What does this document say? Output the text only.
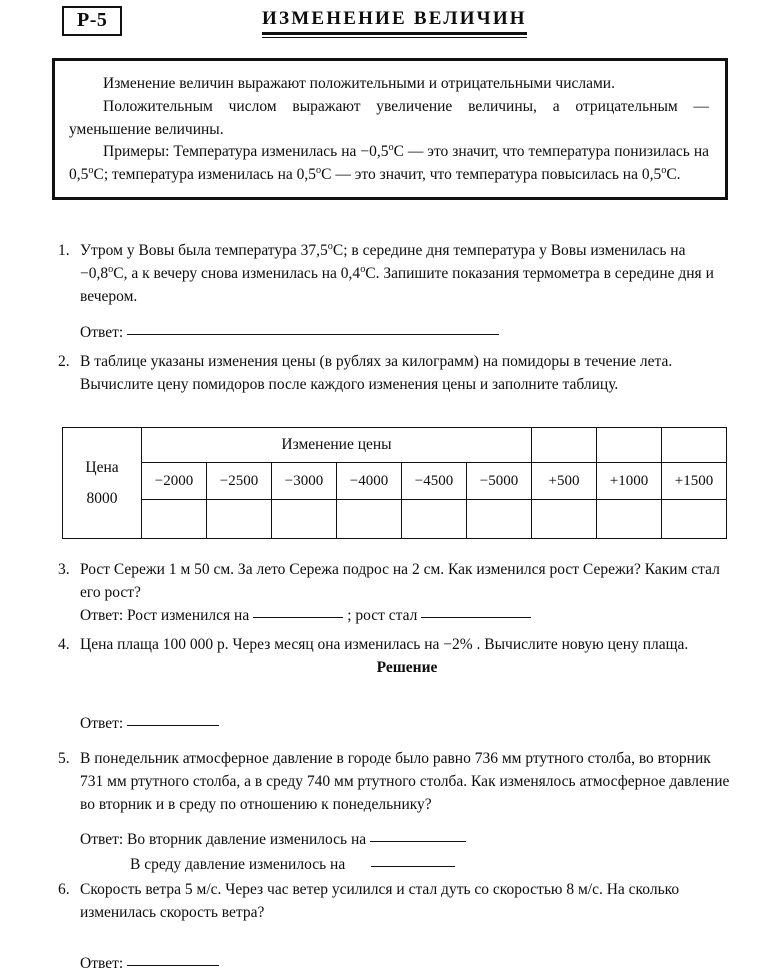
Р-5	ИЗМЕНЕНИЕ ВЕЛИЧИН

Изменение величин выражают положительными и отрицательными числами.

Положительным числом выражают увеличение величины, а отрицательным — уменьшение величины.

Примеры: Температура изменилась на $-0,5^oС$ — это значит, что температура понизилась на 0,5$^o$С; температура изменилась на 0,5$^o$С — это значит, что температура повысилась на 0,5$^o$С.

1. Утром у Вовы была температура 37,5$^o$С; в середине дня температура у Вовы изменилась на $-0,8^oС$, а к вечеру снова изменилась на 0,4$^o$С. Запишите показания термометра в середине дня и вечером.
Ответ:
2. В таблице указаны изменения цены (в рублях за килограмм) на помидоры в течение лета. Вычислите цену помидоров после каждого изменения цены и заполните таблицу.
Цена
8000	Изменение цены								
	−2000	−2500	−3000	−4000	−4500	−5000	+500	+1000	+1500

3. Рост Сережи 1 м 50 см. За лето Сережа подрос на 2 см. Как изменился рост Сережи? Каким стал его рост?
Ответ: Рост изменился на	; рост стал
4. Цена плаща 100 000 р. Через месяц она изменилась на −2% . Вычислите новую цену плаща.
Решение
Ответ:
5. В понедельник атмосферное давление в городе было равно 736 мм ртутного столба, во вторник 731 мм ртутного столба, а в среду 740 мм ртутного столба. Как изменялось атмосферное давление во вторник и в среду по отношению к понедельнику?
Ответ: Во вторник давление изменилось на
В среду давление изменилось на
6. Скорость ветра 5 м/с. Через час ветер усилился и стал дуть со скоростью 8 м/с. На сколько изменилась скорость ветра?
Ответ:
